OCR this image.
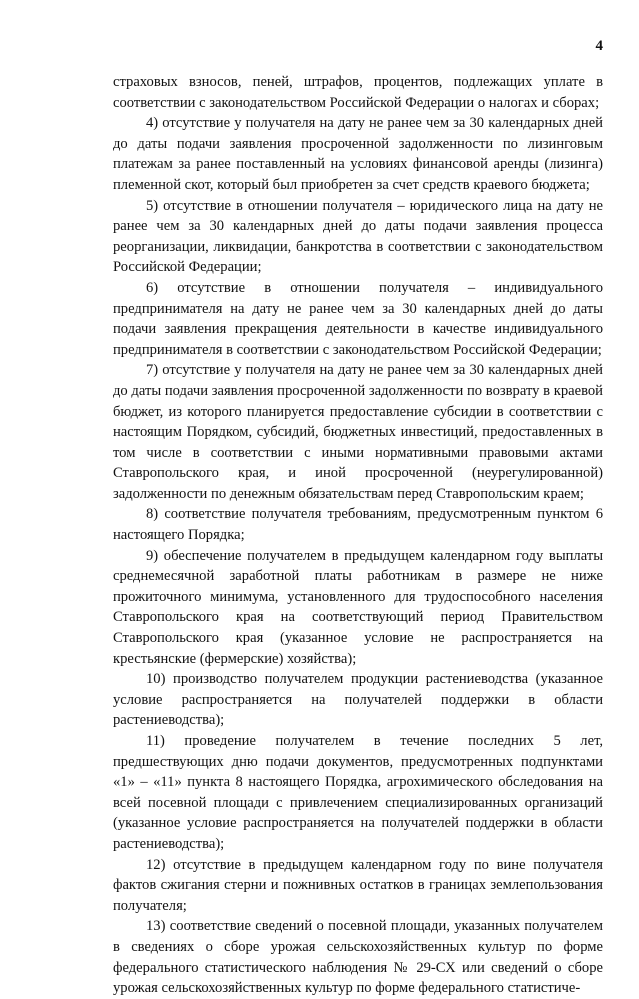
4

страховых взносов, пеней, штрафов, процентов, подлежащих уплате в соответствии с законодательством Российской Федерации о налогах и сборах;

4) отсутствие у получателя на дату не ранее чем за 30 календарных дней до даты подачи заявления просроченной задолженности по лизинговым платежам за ранее поставленный на условиях финансовой аренды (лизинга) племенной скот, который был приобретен за счет средств краевого бюджета;

5) отсутствие в отношении получателя – юридического лица на дату не ранее чем за 30 календарных дней до даты подачи заявления процесса реорганизации, ликвидации, банкротства в соответствии с законодательством Российской Федерации;

6) отсутствие в отношении получателя – индивидуального предпринимателя на дату не ранее чем за 30 календарных дней до даты подачи заявления прекращения деятельности в качестве индивидуального предпринимателя в соответствии с законодательством Российской Федерации;

7) отсутствие у получателя на дату не ранее чем за 30 календарных дней до даты подачи заявления просроченной задолженности по возврату в краевой бюджет, из которого планируется предоставление субсидии в соответствии с настоящим Порядком, субсидий, бюджетных инвестиций, предоставленных в том числе в соответствии с иными нормативными правовыми актами Ставропольского края, и иной просроченной (неурегулированной) задолженности по денежным обязательствам перед Ставропольским краем;

8) соответствие получателя требованиям, предусмотренным пунктом 6 настоящего Порядка;

9) обеспечение получателем в предыдущем календарном году выплаты среднемесячной заработной платы работникам в размере не ниже прожиточного минимума, установленного для трудоспособного населения Ставропольского края на соответствующий период Правительством Ставропольского края (указанное условие не распространяется на крестьянские (фермерские) хозяйства);

10) производство получателем продукции растениеводства (указанное условие распространяется на получателей поддержки в области растениеводства);

11) проведение получателем в течение последних 5 лет, предшествующих дню подачи документов, предусмотренных подпунктами «1» – «11» пункта 8 настоящего Порядка, агрохимического обследования на всей посевной площади с привлечением специализированных организаций (указанное условие распространяется на получателей поддержки в области растениеводства);

12) отсутствие в предыдущем календарном году по вине получателя фактов сжигания стерни и пожнивных остатков в границах землепользования получателя;

13) соответствие сведений о посевной площади, указанных получателем в сведениях о сборе урожая сельскохозяйственных культур по форме федерального статистического наблюдения № 29-СХ или сведений о сборе урожая сельскохозяйственных культур по форме федерального статистиче-
